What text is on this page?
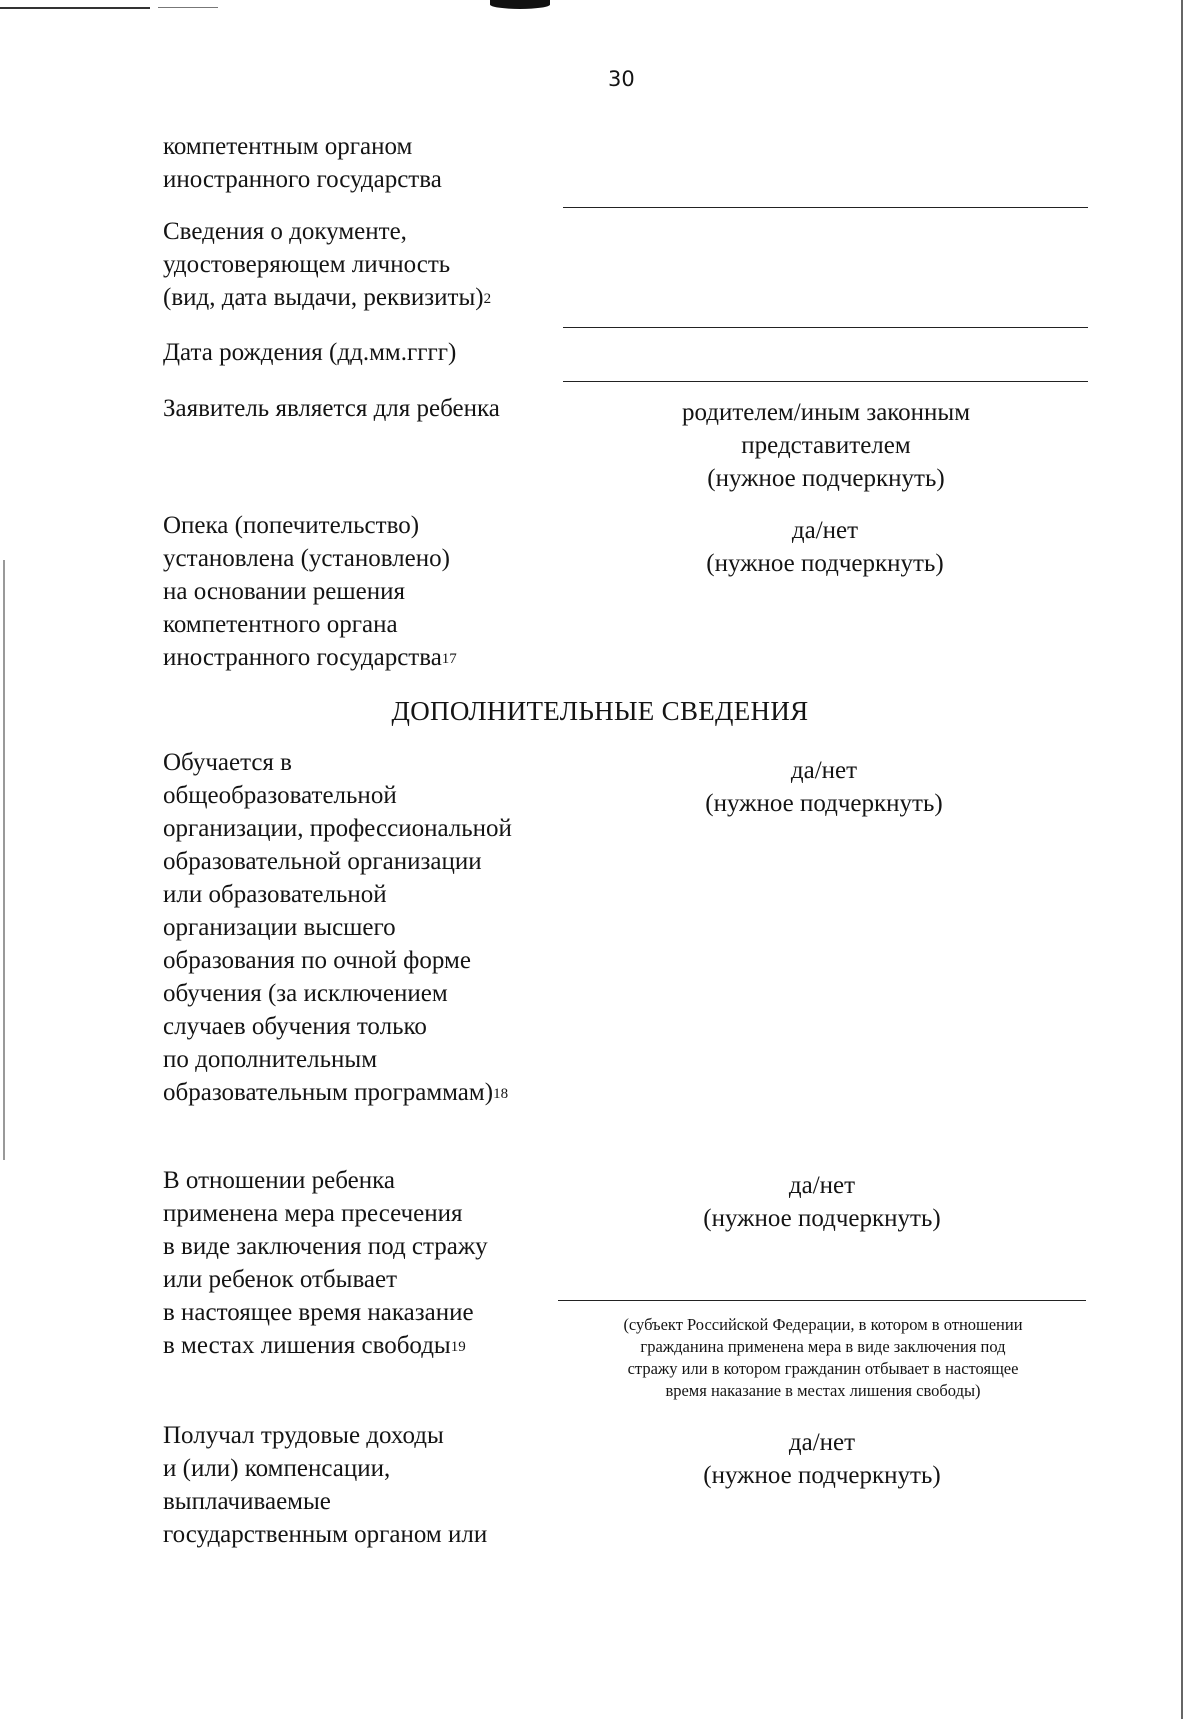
30
компетентным органом
иностранного государства
Сведения о документе,
удостоверяющем личность
(вид, дата выдачи, реквизиты)$^2$
Дата рождения (дд.мм.гггг)
Заявитель является для ребенка	родителем/иным законным
представителем
(нужное подчеркнуть)
Опека (попечительство)
установлена (установлено)
на основании решения
компетентного органа
иностранного государства$^{17}$
да/нет
(нужное подчеркнуть)
ДОПОЛНИТЕЛЬНЫЕ СВЕДЕНИЯ
Обучается в
общеобразовательной
организации, профессиональной
образовательной организации
или образовательной
организации высшего
образования по очной форме
обучения (за исключением
случаев обучения только
по дополнительным
образовательным программам)$^{18}$
да/нет
(нужное подчеркнуть)
В отношении ребенка
применена мера пресечения
в виде заключения под стражу
или ребенок отбывает
в настоящее время наказание
в местах лишения свободы$^{19}$
да/нет
(нужное подчеркнуть)
(субъект Российской Федерации, в котором в отношении
гражданина применена мера в виде заключения под
стражу или в котором гражданин отбывает в настоящее
время наказание в местах лишения свободы)
Получал трудовые доходы
и (или) компенсации,
выплачиваемые
государственным органом или
да/нет
(нужное подчеркнуть)
